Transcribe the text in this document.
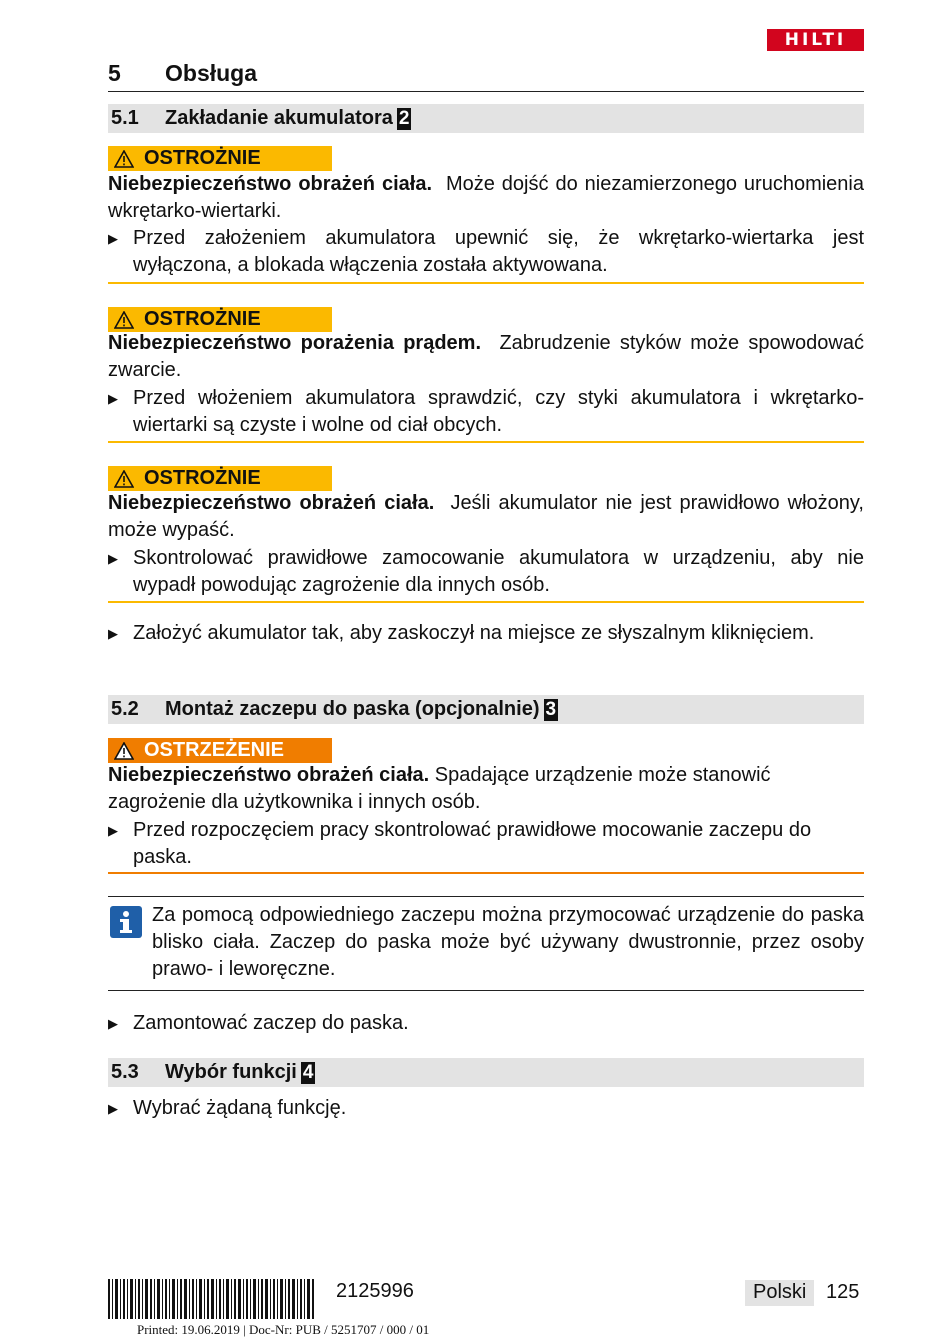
HILTI
5 Obsługa
5.1 Zakładanie akumulatora 2
OSTROŻNIE
Niebezpieczeństwo obrażeń ciała. Może dojść do niezamierzonego uruchomienia wkrętarko-wiertarki.
▶ Przed założeniem akumulatora upewnić się, że wkrętarko-wiertarka jest wyłączona, a blokada włączenia została aktywowana.
OSTROŻNIE
Niebezpieczeństwo porażenia prądem. Zabrudzenie styków może spowodować zwarcie.
▶ Przed włożeniem akumulatora sprawdzić, czy styki akumulatora i wkrętarko-wiertarki są czyste i wolne od ciał obcych.
OSTROŻNIE
Niebezpieczeństwo obrażeń ciała. Jeśli akumulator nie jest prawidłowo włożony, może wypaść.
▶ Skontrolować prawidłowe zamocowanie akumulatora w urządzeniu, aby nie wypadł powodując zagrożenie dla innych osób.
▶ Założyć akumulator tak, aby zaskoczył na miejsce ze słyszalnym kliknięciem.
5.2 Montaż zaczepu do paska (opcjonalnie) 3
OSTRZEŻENIE
Niebezpieczeństwo obrażeń ciała. Spadające urządzenie może stanowić zagrożenie dla użytkownika i innych osób.
▶ Przed rozpoczęciem pracy skontrolować prawidłowe mocowanie zaczepu do paska.
Za pomocą odpowiedniego zaczepu można przymocować urządzenie do paska blisko ciała. Zaczep do paska może być używany dwustronnie, przez osoby prawo- i leworęczne.
▶ Zamontować zaczep do paska.
5.3 Wybór funkcji 4
▶ Wybrać żądaną funkcję.
2125996	Polski 125
Printed: 19.06.2019 | Doc-Nr: PUB / 5251707 / 000 / 01
